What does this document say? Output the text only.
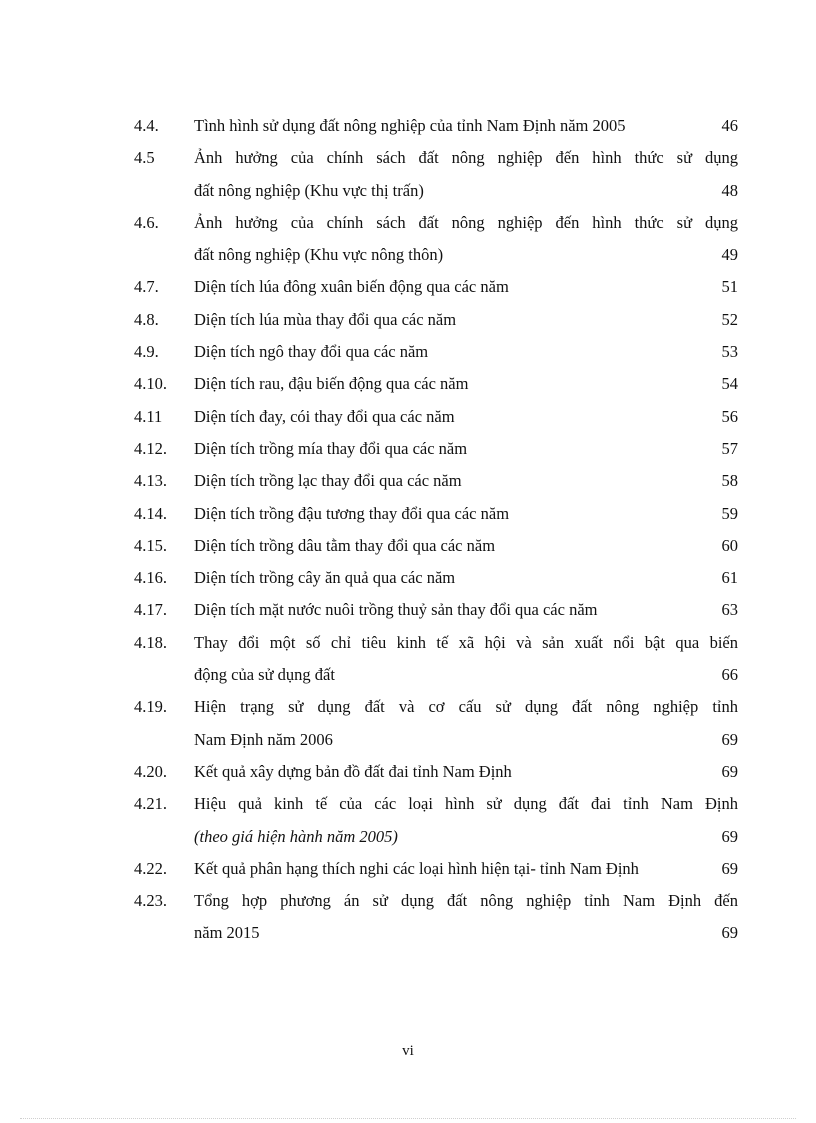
4.4.	Tình hình sử dụng đất nông nghiệp của tỉnh Nam Định năm 2005	46
4.5	Ảnh hưởng của chính sách đất nông nghiệp đến hình thức sử dụng
đất nông nghiệp (Khu vực thị trấn)	48
4.6.	Ảnh hưởng của chính sách đất nông nghiệp đến hình thức sử dụng
đất nông nghiệp (Khu vực nông thôn)	49
4.7.	Diện tích lúa đông xuân biến động qua các năm	51
4.8.	Diện tích lúa mùa thay đổi qua các năm	52
4.9.	Diện tích ngô thay đổi qua các năm	53
4.10.	Diện tích rau, đậu biến động qua các năm	54
4.11	Diện tích đay, cói thay đổi qua các năm	56
4.12.	Diện tích trồng mía thay đổi qua các năm	57
4.13.	Diện tích trồng lạc thay đổi qua các năm	58
4.14.	Diện tích trồng đậu tương thay đổi qua các năm	59
4.15.	Diện tích trồng dâu tằm thay đổi qua các năm	60
4.16.	Diện tích trồng cây ăn quả qua các năm	61
4.17.	Diện tích mặt nước nuôi trồng thuỷ sản thay đổi qua các năm	63
4.18.	Thay đổi một số chỉ tiêu kinh tế xã hội và sản xuất nổi bật qua biến
động của sử dụng đất	66
4.19.	Hiện trạng sử dụng đất và cơ cấu sử dụng đất nông nghiệp tỉnh
Nam Định năm 2006	69
4.20.	Kết quả xây dựng bản đồ đất đai tỉnh Nam Định	69
4.21.	Hiệu quả kinh tế của các loại hình sử dụng đất đai tỉnh Nam Định
(theo giá hiện hành năm 2005)	69
4.22.	Kết quả phân hạng thích nghi các loại hình hiện tại- tỉnh Nam Định	69
4.23.	Tổng hợp phương án sử dụng đất nông nghiệp tỉnh Nam Định đến
năm 2015	69
vi
